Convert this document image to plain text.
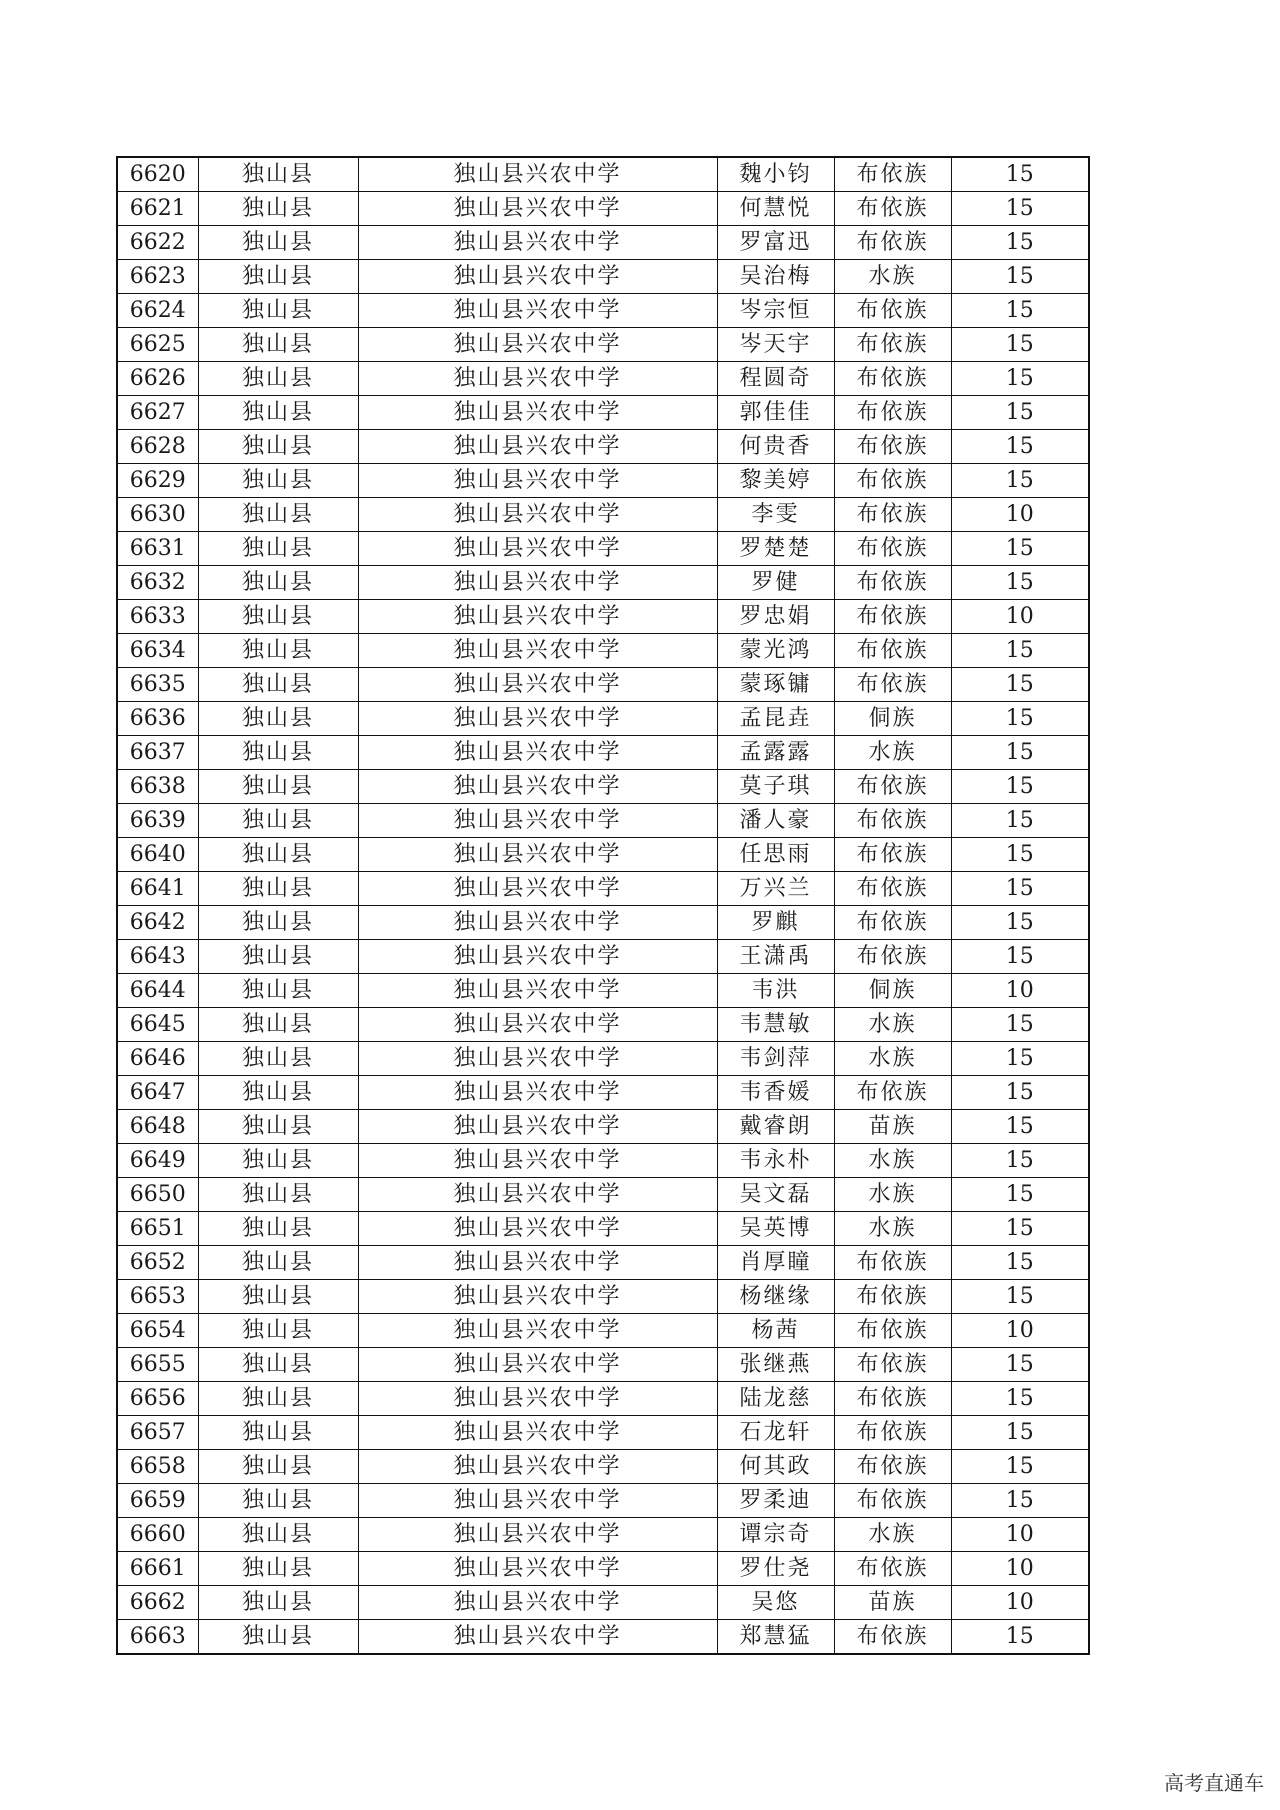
6620	独山县	独山县兴农中学	魏小钧	布依族	15
6621	独山县	独山县兴农中学	何慧悦	布依族	15
6622	独山县	独山县兴农中学	罗富迅	布依族	15
6623	独山县	独山县兴农中学	吴治梅	水族	15
6624	独山县	独山县兴农中学	岑宗恒	布依族	15
6625	独山县	独山县兴农中学	岑天宇	布依族	15
6626	独山县	独山县兴农中学	程圆奇	布依族	15
6627	独山县	独山县兴农中学	郭佳佳	布依族	15
6628	独山县	独山县兴农中学	何贵香	布依族	15
6629	独山县	独山县兴农中学	黎美婷	布依族	15
6630	独山县	独山县兴农中学	李雯	布依族	10
6631	独山县	独山县兴农中学	罗楚楚	布依族	15
6632	独山县	独山县兴农中学	罗健	布依族	15
6633	独山县	独山县兴农中学	罗忠娟	布依族	10
6634	独山县	独山县兴农中学	蒙光鸿	布依族	15
6635	独山县	独山县兴农中学	蒙琢镛	布依族	15
6636	独山县	独山县兴农中学	孟昆垚	侗族	15
6637	独山县	独山县兴农中学	孟露露	水族	15
6638	独山县	独山县兴农中学	莫子琪	布依族	15
6639	独山县	独山县兴农中学	潘人豪	布依族	15
6640	独山县	独山县兴农中学	任思雨	布依族	15
6641	独山县	独山县兴农中学	万兴兰	布依族	15
6642	独山县	独山县兴农中学	罗麒	布依族	15
6643	独山县	独山县兴农中学	王潇禹	布依族	15
6644	独山县	独山县兴农中学	韦洪	侗族	10
6645	独山县	独山县兴农中学	韦慧敏	水族	15
6646	独山县	独山县兴农中学	韦剑萍	水族	15
6647	独山县	独山县兴农中学	韦香媛	布依族	15
6648	独山县	独山县兴农中学	戴睿朗	苗族	15
6649	独山县	独山县兴农中学	韦永朴	水族	15
6650	独山县	独山县兴农中学	吴文磊	水族	15
6651	独山县	独山县兴农中学	吴英博	水族	15
6652	独山县	独山县兴农中学	肖厚瞳	布依族	15
6653	独山县	独山县兴农中学	杨继缘	布依族	15
6654	独山县	独山县兴农中学	杨茜	布依族	10
6655	独山县	独山县兴农中学	张继燕	布依族	15
6656	独山县	独山县兴农中学	陆龙慈	布依族	15
6657	独山县	独山县兴农中学	石龙轩	布依族	15
6658	独山县	独山县兴农中学	何其政	布依族	15
6659	独山县	独山县兴农中学	罗柔迪	布依族	15
6660	独山县	独山县兴农中学	谭宗奇	水族	10
6661	独山县	独山县兴农中学	罗仕尧	布依族	10
6662	独山县	独山县兴农中学	吴悠	苗族	10
6663	独山县	独山县兴农中学	郑慧猛	布依族	15
高考直通车
